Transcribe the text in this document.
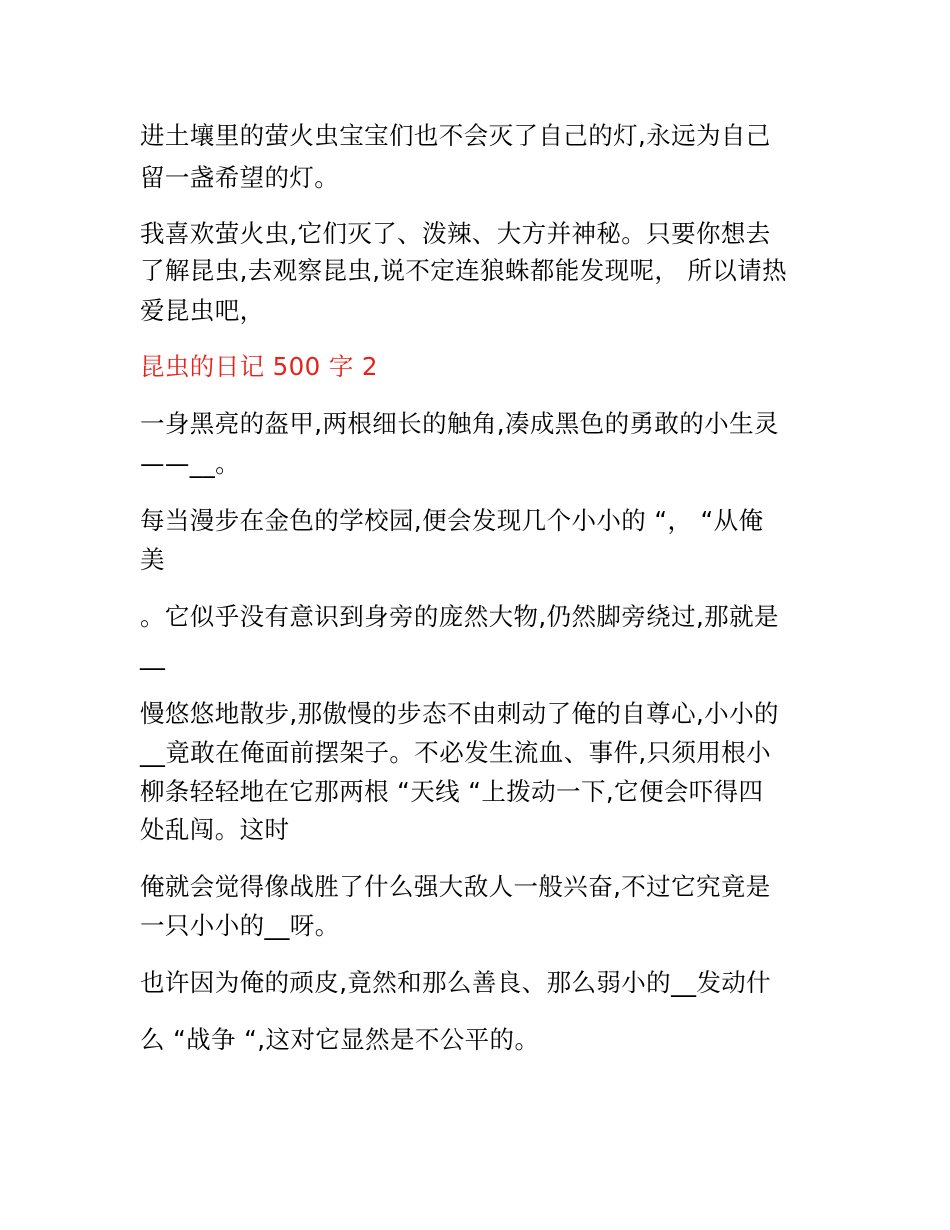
进土壤里的萤火虫宝宝们也不会灭了自己的灯,永远为自己
留一盏希望的灯。
我喜欢萤火虫,它们灭了、泼辣、大方并神秘。只要你想去
了解昆虫,去观察昆虫,说不定连狼蛛都能发现呢， 所以请热
爱昆虫吧，
昆虫的日记 500 字 2
一身黑亮的盔甲,两根细长的触角,凑成黑色的勇敢的小生灵
——__。
每当漫步在金色的学校园,便会发现几个小小的 “， “从俺
美
。它似乎没有意识到身旁的庞然大物,仍然脚旁绕过,那就是
__
慢悠悠地散步,那傲慢的步态不由刺动了俺的自尊心,小小的
__竟敢在俺面前摆架子。不必发生流血、事件,只须用根小
柳条轻轻地在它那两根 “天线 “上拨动一下,它便会吓得四
处乱闯。这时
俺就会觉得像战胜了什么强大敌人一般兴奋,不过它究竟是
一只小小的__呀。
也许因为俺的顽皮,竟然和那么善良、那么弱小的__发动什
么 “战争 “,这对它显然是不公平的。
